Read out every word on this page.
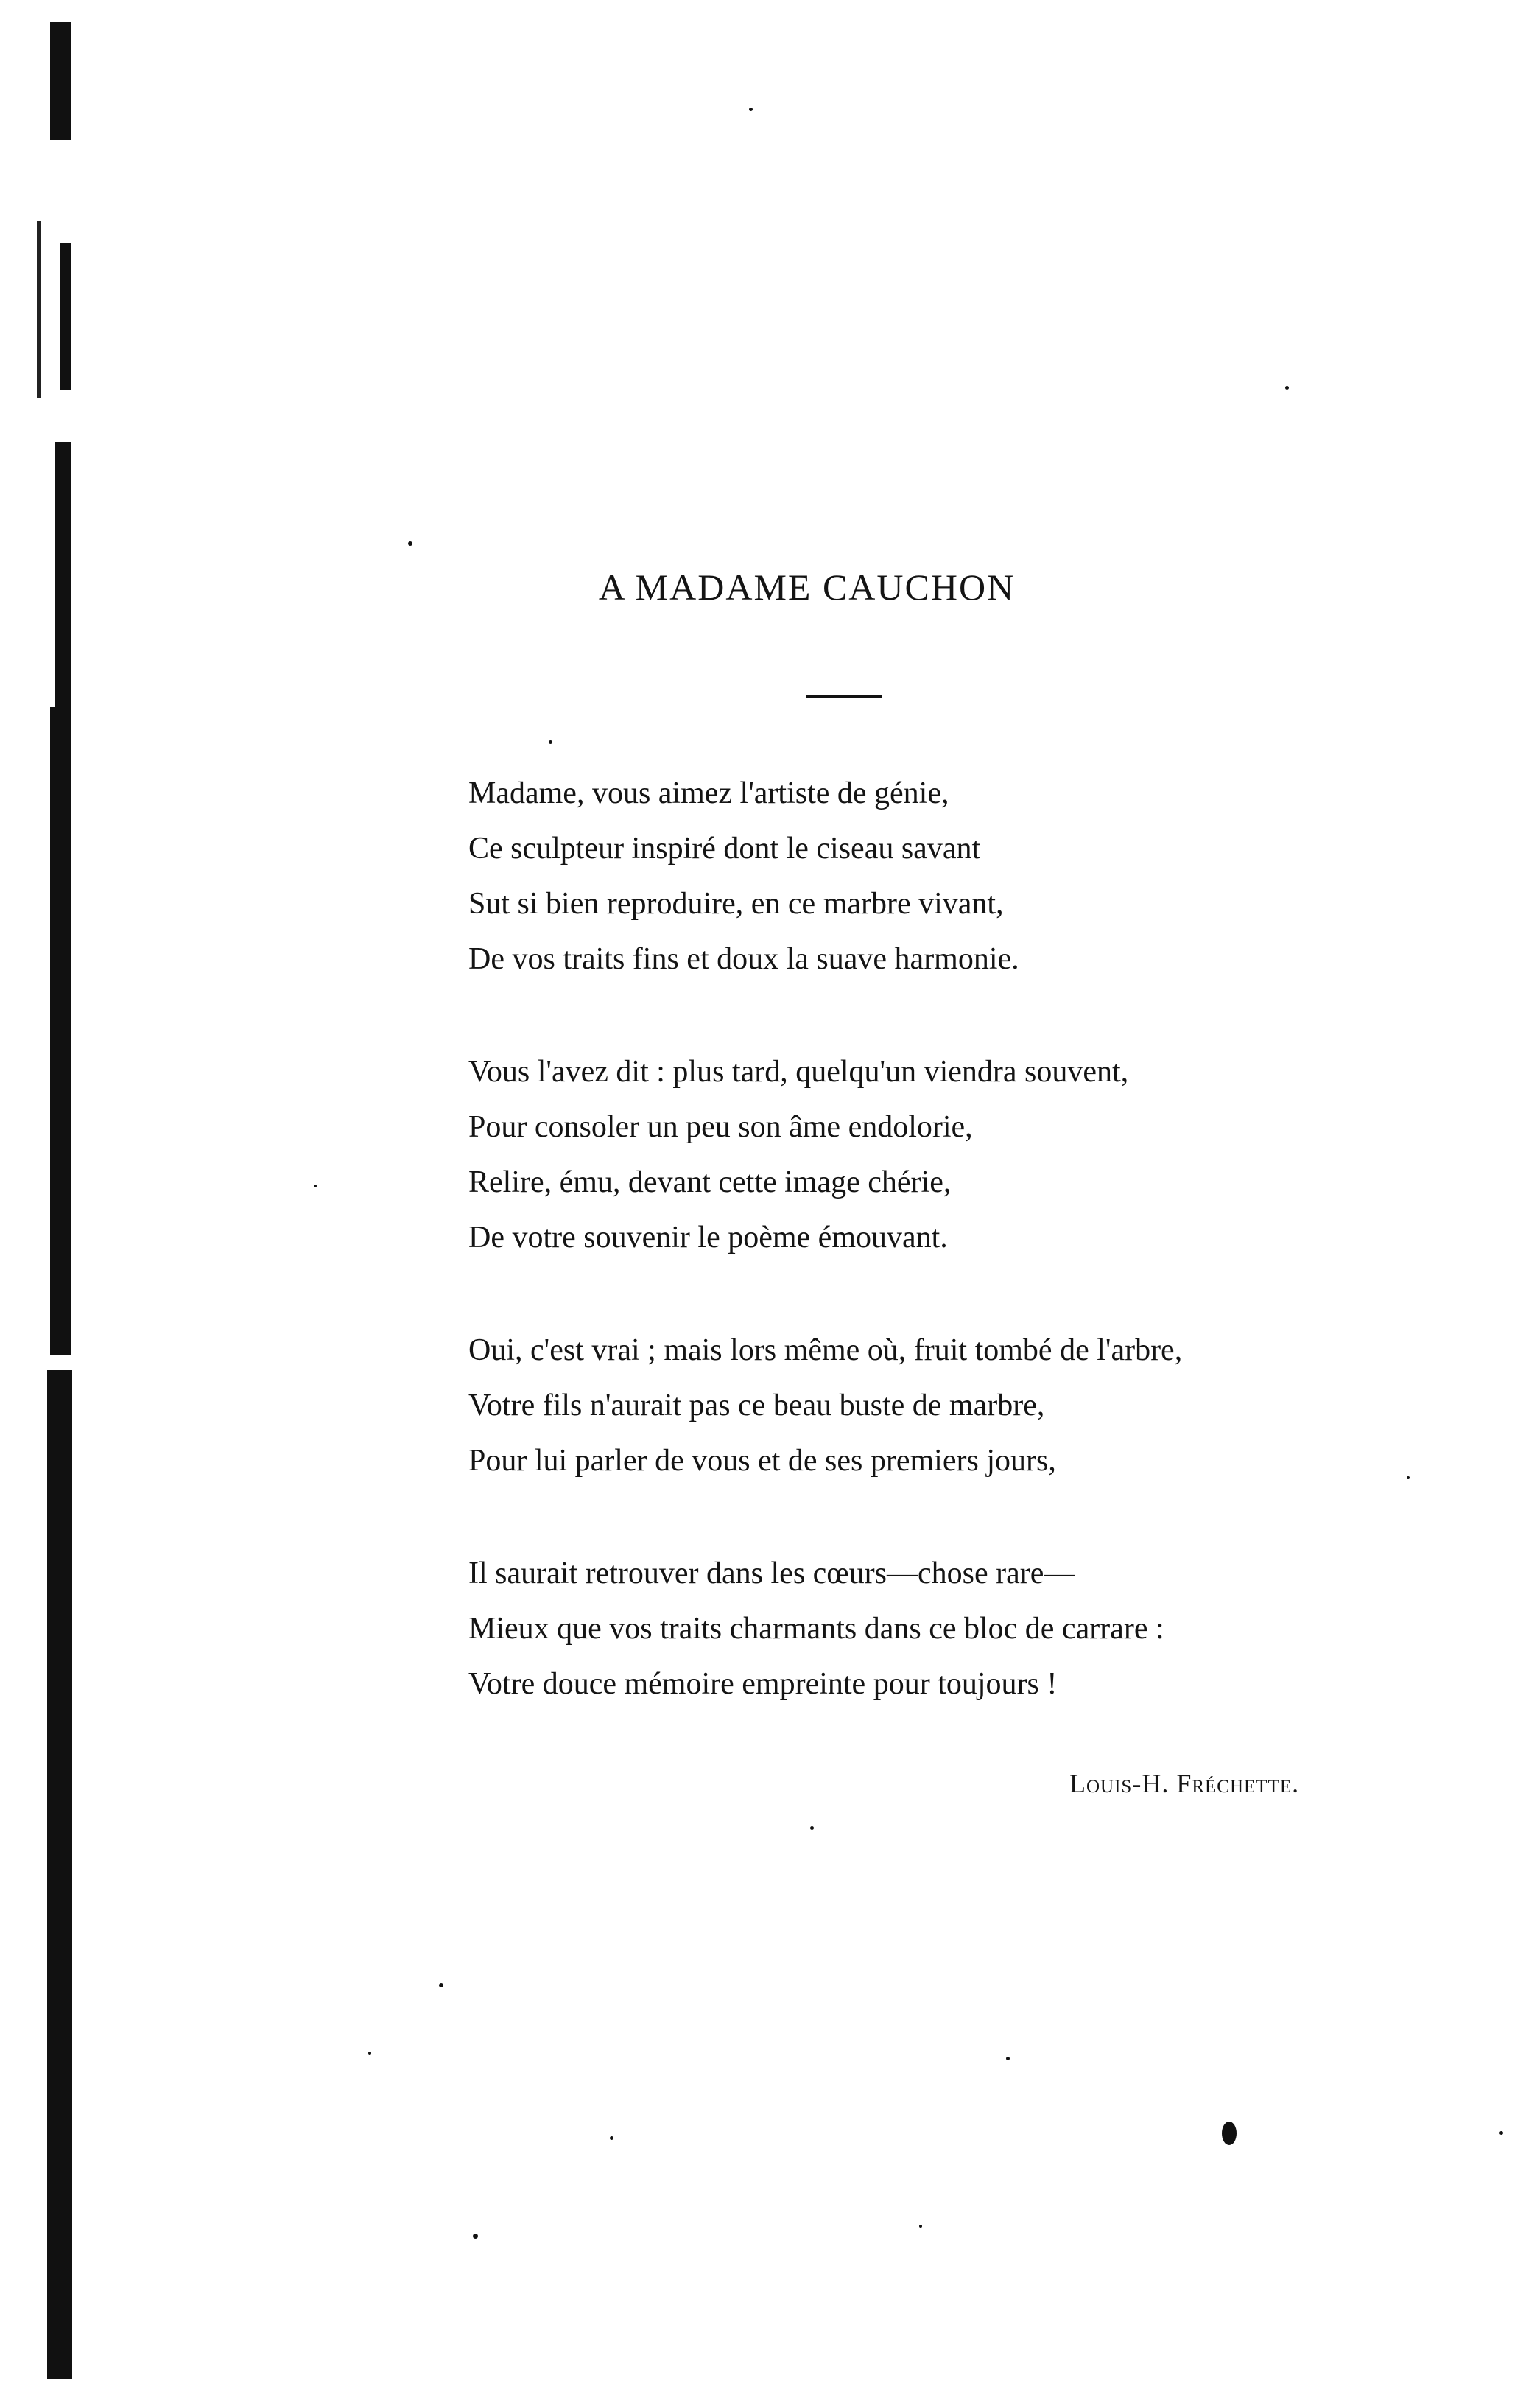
A MADAME CAUCHON
Madame, vous aimez l'artiste de génie,
Ce sculpteur inspiré dont le ciseau savant
Sut si bien reproduire, en ce marbre vivant,
De vos traits fins et doux la suave harmonie.
Vous l'avez dit : plus tard, quelqu'un viendra souvent,
Pour consoler un peu son âme endolorie,
Relire, ému, devant cette image chérie,
De votre souvenir le poème émouvant.
Oui, c'est vrai ; mais lors même où, fruit tombé de l'arbre,
Votre fils n'aurait pas ce beau buste de marbre,
Pour lui parler de vous et de ses premiers jours,
Il saurait retrouver dans les cœurs—chose rare—
Mieux que vos traits charmants dans ce bloc de carrare :
Votre douce mémoire empreinte pour toujours !
Louis-H. Fréchette.
